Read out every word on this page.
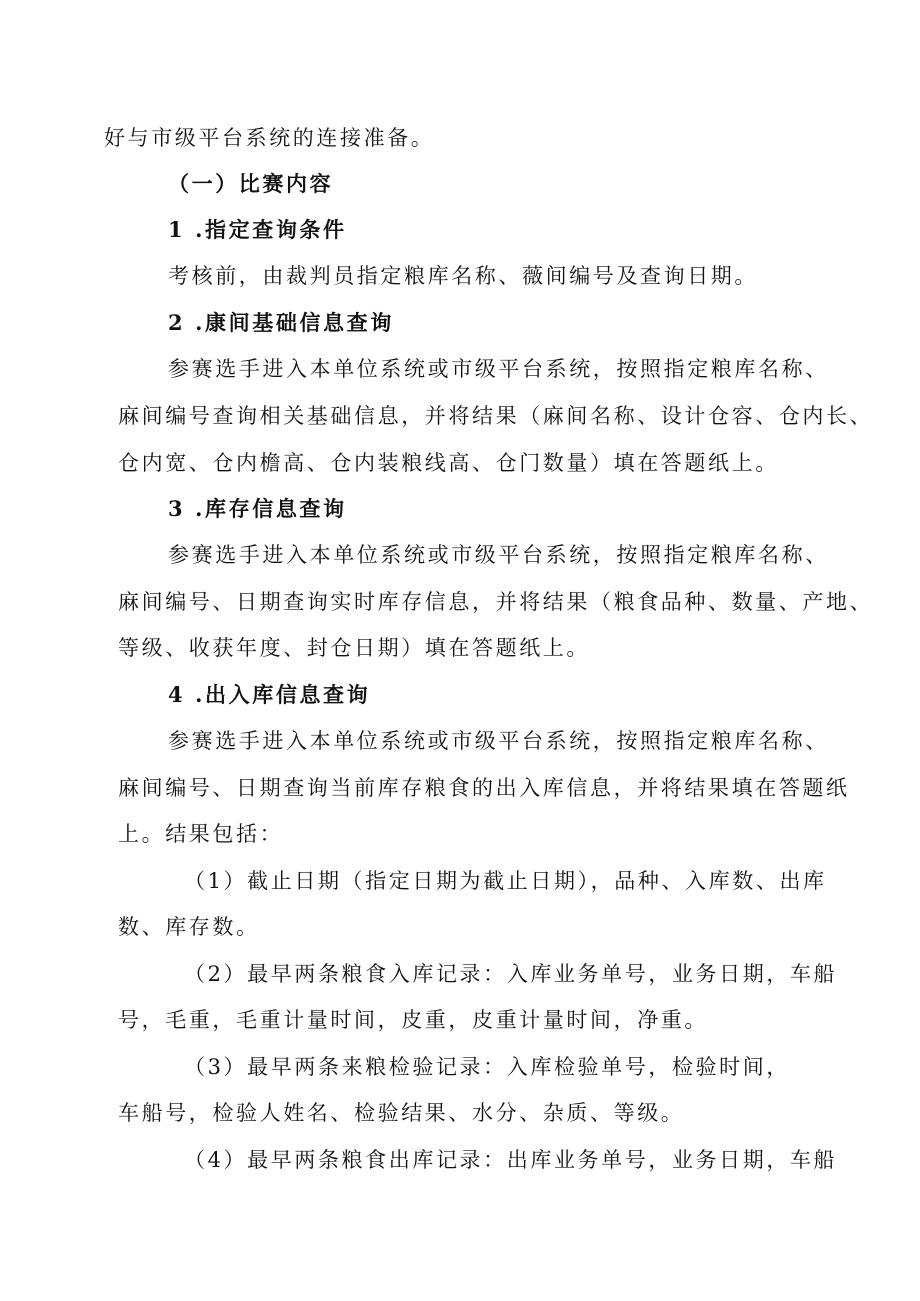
好与市级平台系统的连接准备。
（一）比赛内容
1 .指定查询条件
考核前，由裁判员指定粮库名称、薇间编号及查询日期。
2 .康间基础信息查询
参赛选手进入本单位系统或市级平台系统，按照指定粮库名称、
麻间编号查询相关基础信息，并将结果（麻间名称、设计仓容、仓内长、
仓内宽、仓内檐高、仓内装粮线高、仓门数量）填在答题纸上。
3 .库存信息查询
参赛选手进入本单位系统或市级平台系统，按照指定粮库名称、
麻间编号、日期查询实时库存信息，并将结果（粮食品种、数量、产地、
等级、收获年度、封仓日期）填在答题纸上。
4 .出入库信息查询
参赛选手进入本单位系统或市级平台系统，按照指定粮库名称、
麻间编号、日期查询当前库存粮食的出入库信息，并将结果填在答题纸
上。结果包括：
（1）截止日期（指定日期为截止日期），品种、入库数、出库
数、库存数。
（2）最早两条粮食入库记录：入库业务单号，业务日期，车船
号，毛重，毛重计量时间，皮重，皮重计量时间，净重。
（3）最早两条来粮检验记录：入库检验单号，检验时间，
车船号，检验人姓名、检验结果、水分、杂质、等级。
（4）最早两条粮食出库记录：出库业务单号，业务日期，车船
